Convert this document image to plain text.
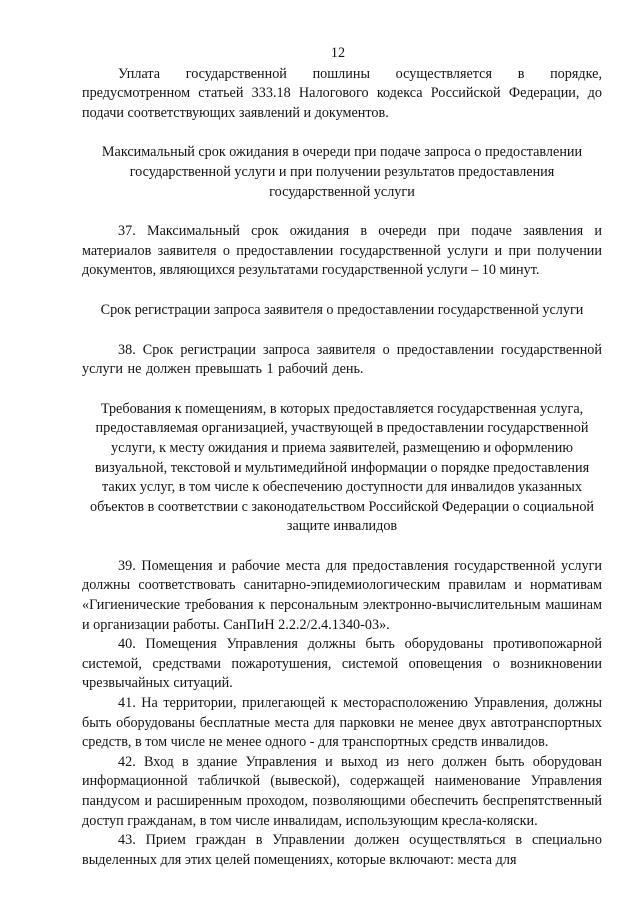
12

Уплата государственной пошлины осуществляется в порядке, предусмотренном статьей 333.18 Налогового кодекса Российской Федерации, до подачи соответствующих заявлений и документов.

Максимальный срок ожидания в очереди при подаче запроса о предоставлении государственной услуги и при получении результатов предоставления государственной услуги

37. Максимальный срок ожидания в очереди при подаче заявления и материалов заявителя о предоставлении государственной услуги и при получении документов, являющихся результатами государственной услуги – 10 минут.

Срок регистрации запроса заявителя о предоставлении государственной услуги

38. Срок регистрации запроса заявителя о предоставлении государственной услуги не должен превышать 1 рабочий день.

Требования к помещениям, в которых предоставляется государственная услуга, предоставляемая организацией, участвующей в предоставлении государственной услуги, к месту ожидания и приема заявителей, размещению и оформлению визуальной, текстовой и мультимедийной информации о порядке предоставления таких услуг, в том числе к обеспечению доступности для инвалидов указанных объектов в соответствии с законодательством Российской Федерации о социальной защите инвалидов

39. Помещения и рабочие места для предоставления государственной услуги должны соответствовать санитарно-эпидемиологическим правилам и нормативам «Гигиенические требования к персональным электронно-вычислительным машинам и организации работы. СанПиН 2.2.2/2.4.1340-03».

40. Помещения Управления должны быть оборудованы противопожарной системой, средствами пожаротушения, системой оповещения о возникновении чрезвычайных ситуаций.

41. На территории, прилегающей к месторасположению Управления, должны быть оборудованы бесплатные места для парковки не менее двух автотранспортных средств, в том числе не менее одного - для транспортных средств инвалидов.

42. Вход в здание Управления и выход из него должен быть оборудован информационной табличкой (вывеской), содержащей наименование Управления пандусом и расширенным проходом, позволяющими обеспечить беспрепятственный доступ гражданам, в том числе инвалидам, использующим кресла-коляски.

43. Прием граждан в Управлении должен осуществляться в специально выделенных для этих целей помещениях, которые включают: места для
